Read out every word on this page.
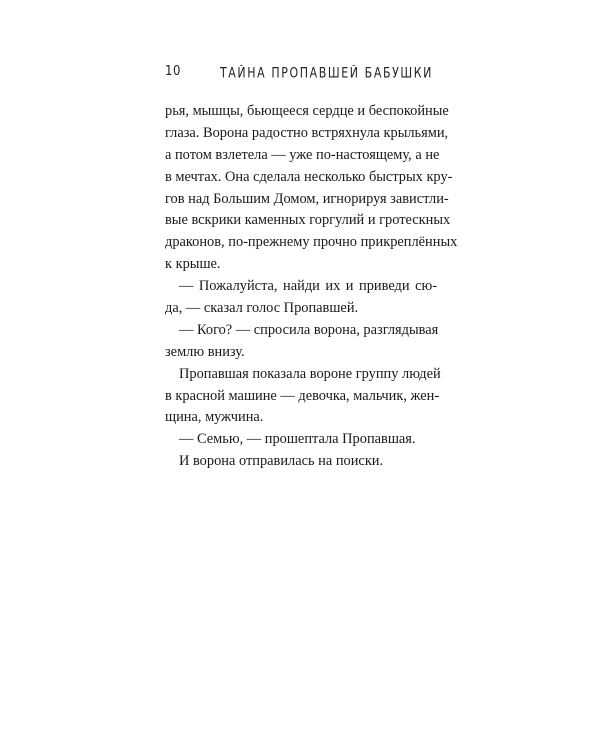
10	ТАЙНА ПРОПАВШЕЙ БАБУШКИ
рья, мышцы, бьющееся сердце и беспокойные
глаза. Ворона радостно встряхнула крыльями,
а потом взлетела — уже по-настоящему, а не
в мечтах. Она сделала несколько быстрых кру-
гов над Большим Домом, игнорируя завистли-
вые вскрики каменных горгулий и гротескных
драконов, по-прежнему прочно прикреплённых
к крыше.
— Пожалуйста, найди их и приведи сю-
да, — сказал голос Пропавшей.
— Кого? — спросила ворона, разглядывая
землю внизу.
Пропавшая показала вороне группу людей
в красной машине — девочка, мальчик, жен-
щина, мужчина.
— Семью, — прошептала Пропавшая.
И ворона отправилась на поиски.
